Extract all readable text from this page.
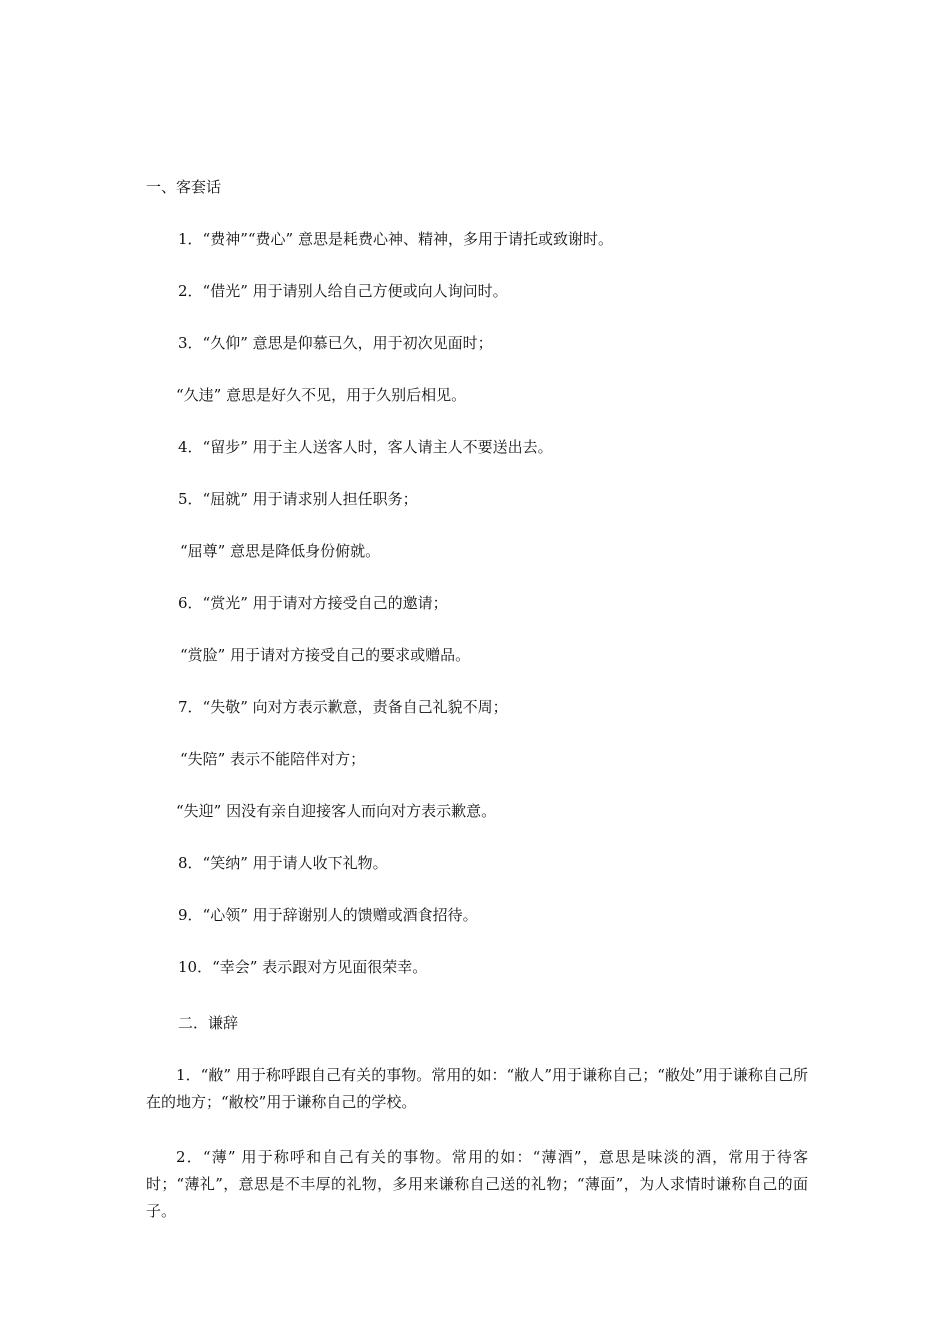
一、客套话
1．“费神”“费心” 意思是耗费心神、精神，多用于请托或致谢时。
2．“借光” 用于请别人给自己方便或向人询问时。
3．“久仰” 意思是仰慕已久，用于初次见面时；
“久违” 意思是好久不见，用于久别后相见。
4．“留步” 用于主人送客人时，客人请主人不要送出去。
5．“屈就” 用于请求别人担任职务；
“屈尊” 意思是降低身份俯就。
6．“赏光” 用于请对方接受自己的邀请；
“赏脸” 用于请对方接受自己的要求或赠品。
7．“失敬” 向对方表示歉意，责备自己礼貌不周；
“失陪” 表示不能陪伴对方；
“失迎” 因没有亲自迎接客人而向对方表示歉意。
8．“笑纳” 用于请人收下礼物。
9．“心领” 用于辞谢别人的馈赠或酒食招待。
10．“幸会” 表示跟对方见面很荣幸。
二．谦辞
1．“敝” 用于称呼跟自己有关的事物。常用的如：“敝人”用于谦称自己；“敝处”用于谦称自己所在的地方；“敝校”用于谦称自己的学校。
2．“薄” 用于称呼和自己有关的事物。常用的如：“薄酒”，意思是味淡的酒，常用于待客时；“薄礼”，意思是不丰厚的礼物，多用来谦称自己送的礼物；“薄面”，为人求情时谦称自己的面子。
